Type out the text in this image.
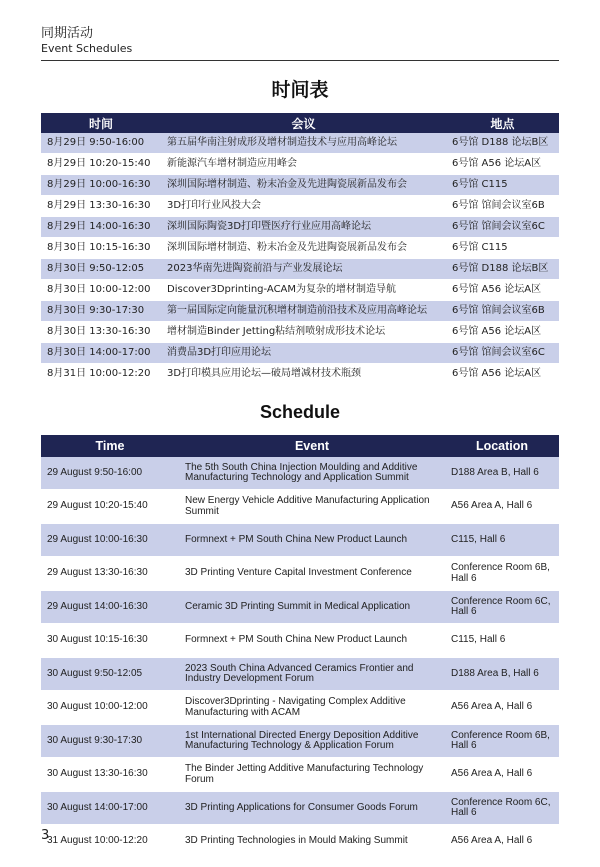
同期活动
Event Schedules
时间表
时间	会议	地点
8月29日 9:50-16:00	第五届华南注射成形及增材制造技术与应用高峰论坛	6号馆 D188 论坛B区
8月29日 10:20-15:40	新能源汽车增材制造应用峰会	6号馆 A56 论坛A区
8月29日 10:00-16:30	深圳国际增材制造、粉末冶金及先进陶瓷展新品发布会	6号馆 C115
8月29日 13:30-16:30	3D打印行业风投大会	6号馆 馆间会议室6B
8月29日 14:00-16:30	深圳国际陶瓷3D打印暨医疗行业应用高峰论坛	6号馆 馆间会议室6C
8月30日 10:15-16:30	深圳国际增材制造、粉末冶金及先进陶瓷展新品发布会	6号馆 C115
8月30日 9:50-12:05	2023华南先进陶瓷前沿与产业发展论坛	6号馆 D188 论坛B区
8月30日 10:00-12:00	Discover3Dprinting-ACAM为复杂的增材制造导航	6号馆 A56 论坛A区
8月30日 9:30-17:30	第一届国际定向能量沉积增材制造前沿技术及应用高峰论坛	6号馆 馆间会议室6B
8月30日 13:30-16:30	增材制造Binder Jetting粘结剂喷射成形技术论坛	6号馆 A56 论坛A区
8月30日 14:00-17:00	消费品3D打印应用论坛	6号馆 馆间会议室6C
8月31日 10:00-12:20	3D打印模具应用论坛—破局增减材技术瓶颈	6号馆 A56 论坛A区
Schedule
Time	Event	Location
29 August 9:50-16:00	The 5th South China Injection Moulding and Additive Manufacturing Technology and Application Summit	D188 Area B, Hall 6
29 August 10:20-15:40	New Energy Vehicle Additive Manufacturing Application Summit	A56 Area A, Hall 6
29 August 10:00-16:30	Formnext + PM South China New Product Launch	C115, Hall 6
29 August 13:30-16:30	3D Printing Venture Capital Investment Conference	Conference Room 6B, Hall 6
29 August 14:00-16:30	Ceramic 3D Printing Summit in Medical Application	Conference Room 6C, Hall 6
30 August 10:15-16:30	Formnext + PM South China New Product Launch	C115, Hall 6
30 August 9:50-12:05	2023 South China Advanced Ceramics Frontier and Industry Development Forum	D188 Area B, Hall 6
30 August 10:00-12:00	Discover3Dprinting - Navigating Complex Additive Manufacturing with ACAM	A56 Area A, Hall 6
30 August 9:30-17:30	1st International Directed Energy Deposition Additive Manufacturing Technology & Application Forum	Conference Room 6B, Hall 6
30 August 13:30-16:30	The Binder Jetting Additive Manufacturing Technology Forum	A56 Area A, Hall 6
30 August 14:00-17:00	3D Printing Applications for Consumer Goods Forum	Conference Room 6C, Hall 6
31 August 10:00-12:20	3D Printing Technologies in Mould Making Summit	A56 Area A, Hall 6
3
